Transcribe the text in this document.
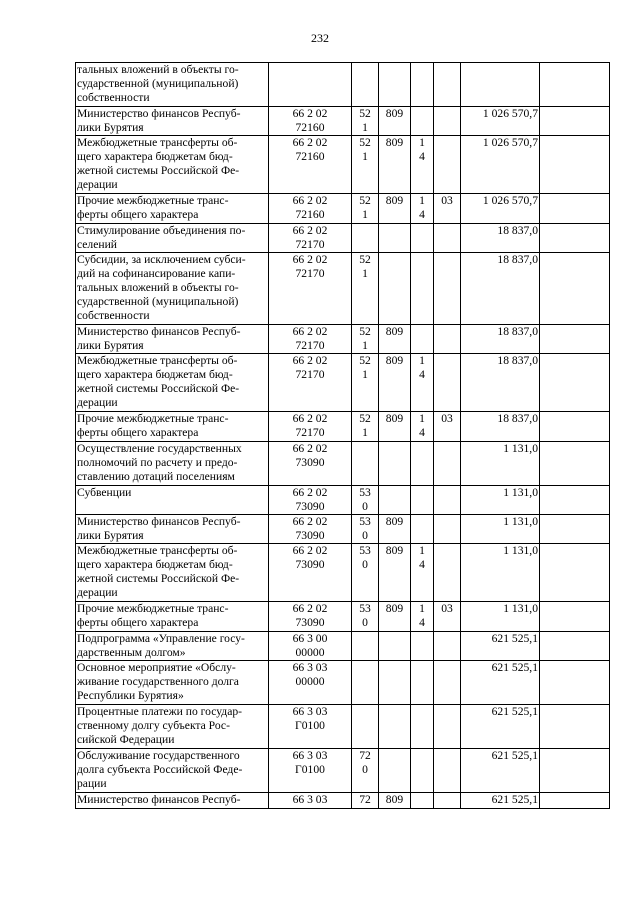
232
тальных вложений в объекты го-
сударственной (муниципальной)
собственности							

Министерство финансов Респуб-
лики Бурятия	66 2 02
72160	52
1	809			1 026 570,7	

Межбюджетные трансферты об-
щего характера бюджетам бюд-
жетной системы Российской Фе-
дерации	66 2 02
72160	52
1	809	1
4		1 026 570,7	

Прочие межбюджетные транс-
ферты общего характера	66 2 02
72160	52
1	809	1
4	03	1 026 570,7	

Стимулирование объединения по-
селений	66 2 02
72170					18 837,0	

Субсидии, за исключением субси-
дий на софинансирование капи-
тальных вложений в объекты го-
сударственной (муниципальной)
собственности	66 2 02
72170	52
1				18 837,0	

Министерство финансов Респуб-
лики Бурятия	66 2 02
72170	52
1	809			18 837,0	

Межбюджетные трансферты об-
щего характера бюджетам бюд-
жетной системы Российской Фе-
дерации	66 2 02
72170	52
1	809	1
4		18 837,0	

Прочие межбюджетные транс-
ферты общего характера	66 2 02
72170	52
1	809	1
4	03	18 837,0	

Осуществление государственных
полномочий по расчету и предо-
ставлению дотаций поселениям	66 2 02
73090					1 131,0	

Субвенции	66 2 02
73090	53
0				1 131,0	

Министерство финансов Респуб-
лики Бурятия	66 2 02
73090	53
0	809			1 131,0	

Межбюджетные трансферты об-
щего характера бюджетам бюд-
жетной системы Российской Фе-
дерации	66 2 02
73090	53
0	809	1
4		1 131,0	

Прочие межбюджетные транс-
ферты общего характера	66 2 02
73090	53
0	809	1
4	03	1 131,0	

Подпрограмма «Управление госу-
дарственным долгом»	66 3 00
00000					621 525,1	

Основное мероприятие «Обслу-
живание государственного долга
Республики Бурятия»	66 3 03
00000					621 525,1	

Процентные платежи по государ-
ственному долгу субъекта Рос-
сийской Федерации	66 3 03
Г0100					621 525,1	

Обслуживание государственного
долга субъекта Российской Феде-
рации	66 3 03
Г0100	72
0				621 525,1	

Министерство финансов Респуб-	66 3 03	72	809			621 525,1	
